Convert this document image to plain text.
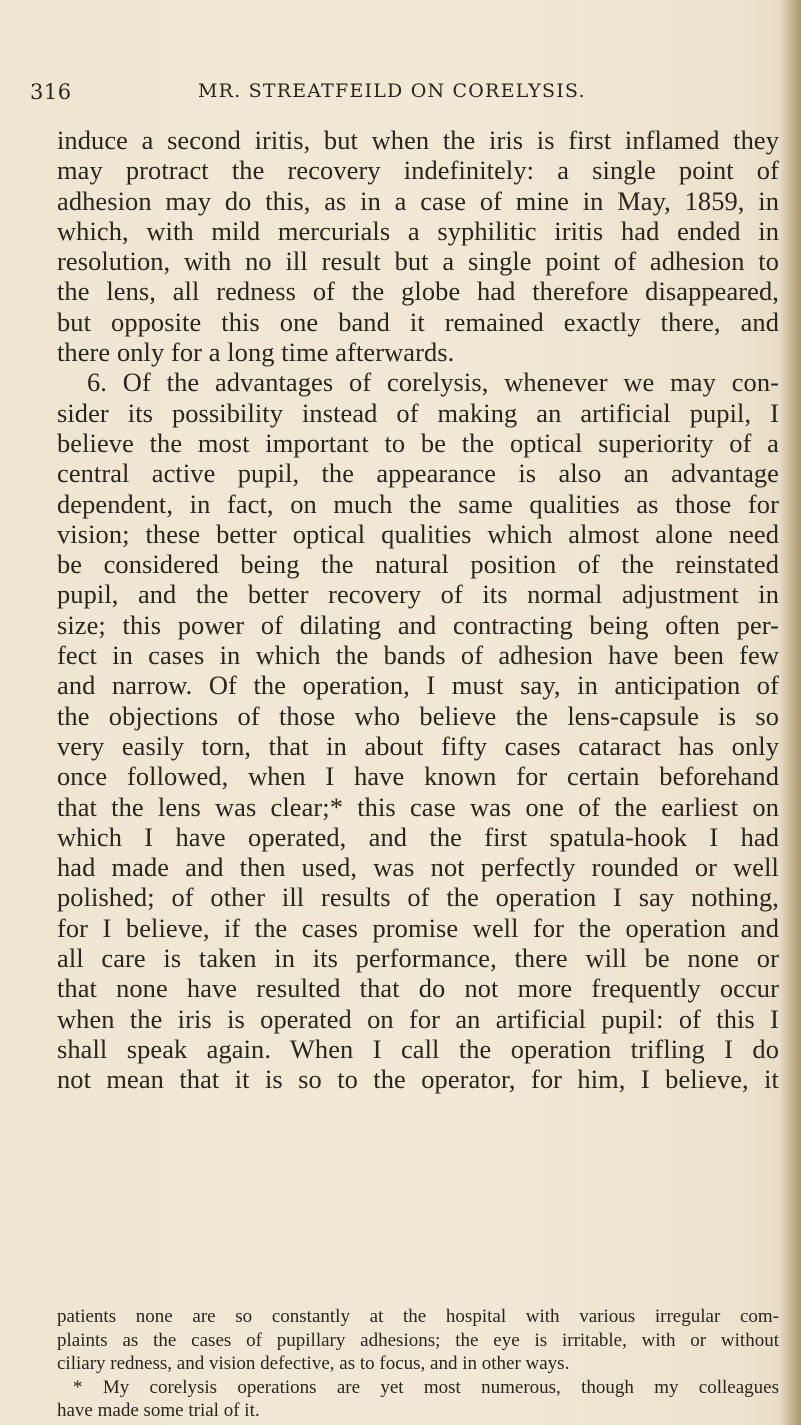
316	MR. STREATFEILD ON CORELYSIS.
induce a second iritis, but when the iris is first inflamed they
may protract the recovery indefinitely: a single point of
adhesion may do this, as in a case of mine in May, 1859, in
which, with mild mercurials a syphilitic iritis had ended in
resolution, with no ill result but a single point of adhesion to
the lens, all redness of the globe had therefore disappeared,
but opposite this one band it remained exactly there, and
there only for a long time afterwards.
6. Of the advantages of corelysis, whenever we may con-
sider its possibility instead of making an artificial pupil, I
believe the most important to be the optical superiority of a
central active pupil, the appearance is also an advantage
dependent, in fact, on much the same qualities as those for
vision; these better optical qualities which almost alone need
be considered being the natural position of the reinstated
pupil, and the better recovery of its normal adjustment in
size; this power of dilating and contracting being often per-
fect in cases in which the bands of adhesion have been few
and narrow. Of the operation, I must say, in anticipation of
the objections of those who believe the lens-capsule is so
very easily torn, that in about fifty cases cataract has only
once followed, when I have known for certain beforehand
that the lens was clear;* this case was one of the earliest on
which I have operated, and the first spatula-hook I had
had made and then used, was not perfectly rounded or well
polished; of other ill results of the operation I say nothing,
for I believe, if the cases promise well for the operation and
all care is taken in its performance, there will be none or
that none have resulted that do not more frequently occur
when the iris is operated on for an artificial pupil: of this I
shall speak again. When I call the operation trifling I do
not mean that it is so to the operator, for him, I believe, it
patients none are so constantly at the hospital with various irregular com-
plaints as the cases of pupillary adhesions; the eye is irritable, with or without
ciliary redness, and vision defective, as to focus, and in other ways.
* My corelysis operations are yet most numerous, though my colleagues
have made some trial of it.
